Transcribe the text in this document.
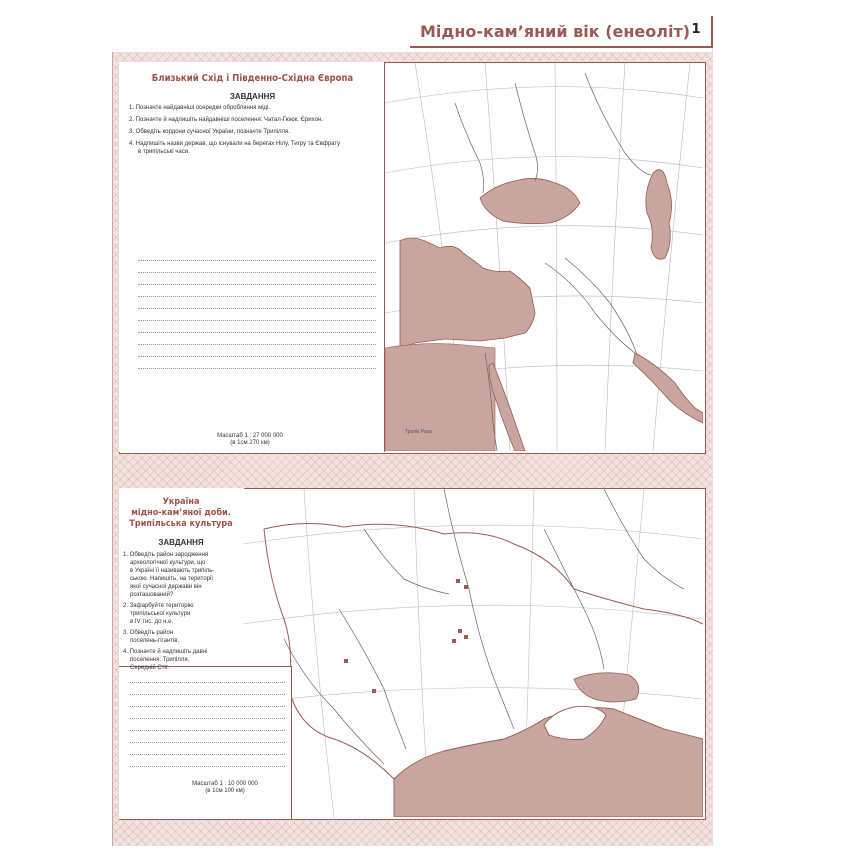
Мідно-кам’яний вік (енеоліт) 1
Близький Схід і Південно-Східна Європа
ЗАВДАННЯ
1. Позначте найдавніші осередки обробляння міді.
2. Позначте й надпишіть найдавніші поселення: Чатал-Гююк, Єрихон.
3. Обведіть кордони сучасної України, позначте Трипілля.
4. Надпишіть назви держав, що існували на берегах Нілу, Тигру та Євфрату
в трипільські часи.
Масштаб 1 : 27 000 000
(в 1см 270 км)
Тропік Рака
Україна
мідно-кам’яної доби.
Трипільська культура
ЗАВДАННЯ
1. Обведіть район зародження
археологічної культури, що
в Україні її називають трипіль-
ською. Напишіть, на території
якої сучасної держави він
розташований?
2. Зафарбуйте територію
трипільської культури
в IV тис. до н.е.
3. Обведіть район
поселень-гігантів.
4. Позначте й надпишіть давні
поселення: Трипілля,
Середній Стіг.
Масштаб 1 : 10 000 000
(в 1см 100 км)
